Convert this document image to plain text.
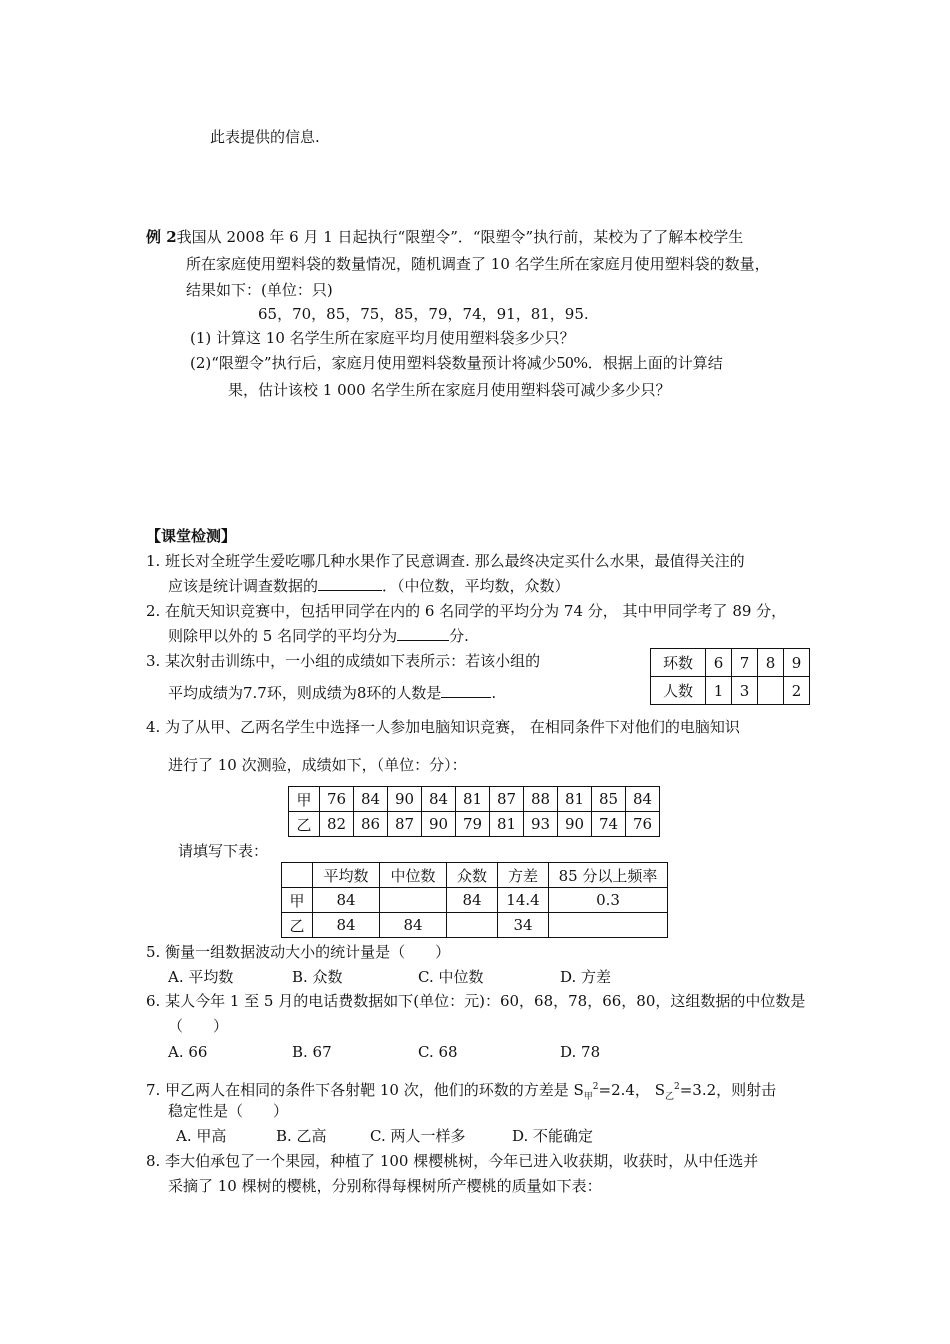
此表提供的信息.
例 2我国从 2008 年 6 月 1 日起执行“限塑令”．“限塑令”执行前，某校为了了解本校学生
所在家庭使用塑料袋的数量情况，随机调查了 10 名学生所在家庭月使用塑料袋的数量，
结果如下：(单位：只)
65，70，85，75，85，79，74，91，81，95.
(1) 计算这 10 名学生所在家庭平均月使用塑料袋多少只？
(2)“限塑令”执行后，家庭月使用塑料袋数量预计将减少50%．根据上面的计算结
果，估计该校 1 000 名学生所在家庭月使用塑料袋可减少多少只？
【课堂检测】
1. 班长对全班学生爱吃哪几种水果作了民意调查. 那么最终决定买什么水果，最值得关注的
应该是统计调查数据的	．（中位数，平均数，众数）
2. 在航天知识竞赛中，包括甲同学在内的 6 名同学的平均分为 74 分， 其中甲同学考了 89 分，
则除甲以外的 5 名同学的平均分为	分.
3. 某次射击训练中，一小组的成绩如下表所示：若该小组的
平均成绩为7.7环，则成绩为8环的人数是	.
环数	6	7	8	9
人数	1	3		2
4. 为了从甲、乙两名学生中选择一人参加电脑知识竞赛， 在相同条件下对他们的电脑知识
进行了 10 次测验，成绩如下，（单位：分）：
甲	76	84	90	84	81	87	88	81	85	84
乙	82	86	87	90	79	81	93	90	74	76
请填写下表：
	平均数	中位数	众数	方差	85 分以上频率
甲	84		84	14.4	0.3
乙	84	84		34	
5. 衡量一组数据波动大小的统计量是（　　）
A. 平均数	B. 众数	C. 中位数	D. 方差
6. 某人今年 1 至 5 月的电话费数据如下(单位：元)：60，68，78，66，80，这组数据的中位数是
（　　）
A. 66	B. 67	C. 68	D. 78
7. 甲乙两人在相同的条件下各射靶 10 次，他们的环数的方差是 $S_甲^2=2.4$， $S_乙^2=3.2$，则射击
稳定性是（　　）
A. 甲高	B. 乙高	C. 两人一样多	D. 不能确定
8. 李大伯承包了一个果园，种植了 100 棵樱桃树，今年已进入收获期，收获时，从中任选并
采摘了 10 棵树的樱桃，分别称得每棵树所产樱桃的质量如下表：
